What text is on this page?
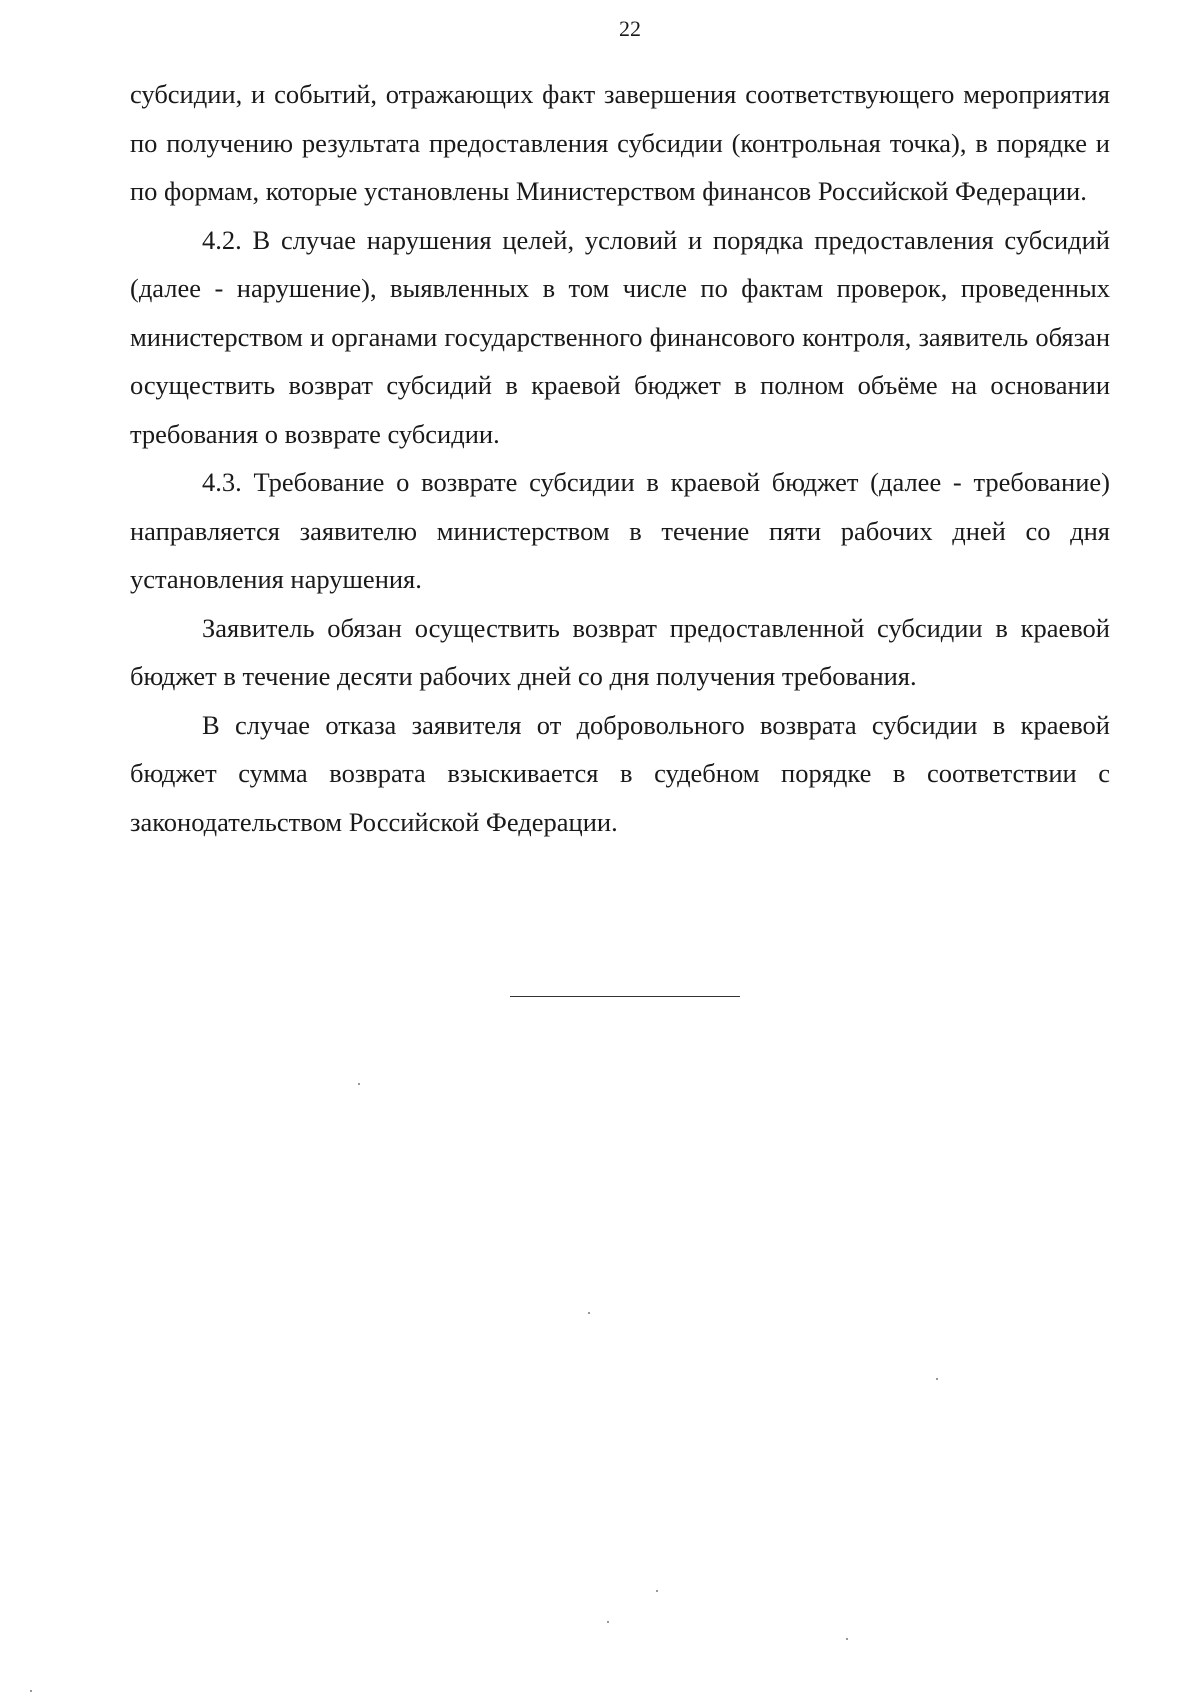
22

субсидии, и событий, отражающих факт завершения соответствующего мероприятия по получению результата предоставления субсидии (контрольная точка), в порядке и по формам, которые установлены Министерством финансов Российской Федерации.

4.2. В случае нарушения целей, условий и порядка предоставления субсидий (далее - нарушение), выявленных в том числе по фактам проверок, проведенных министерством и органами государственного финансового контроля, заявитель обязан осуществить возврат субсидий в краевой бюджет в полном объёме на основании требования о возврате субсидии.

4.3. Требование о возврате субсидии в краевой бюджет (далее - требование) направляется заявителю министерством в течение пяти рабочих дней со дня установления нарушения.

Заявитель обязан осуществить возврат предоставленной субсидии в краевой бюджет в течение десяти рабочих дней со дня получения требования.

В случае отказа заявителя от добровольного возврата субсидии в краевой бюджет сумма возврата взыскивается в судебном порядке в соответствии с законодательством Российской Федерации.
